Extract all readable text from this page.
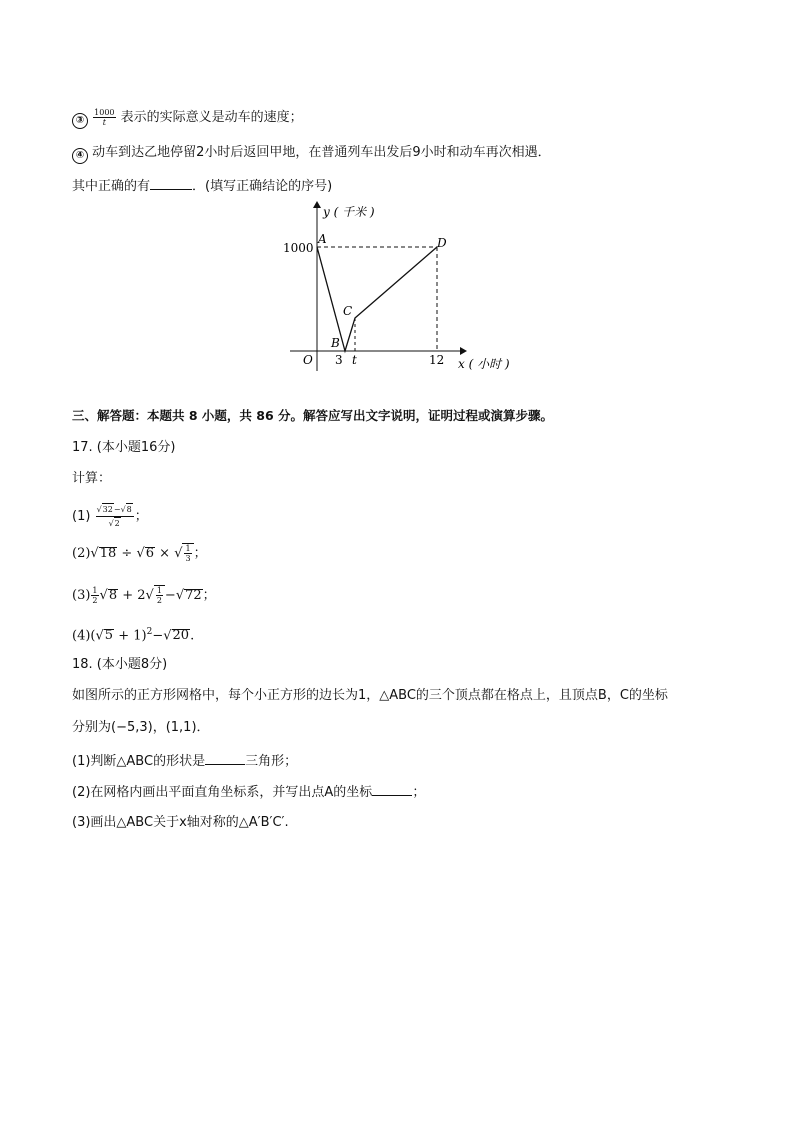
③ $\frac{1000}{t}$ 表示的实际意义是动车的速度；
④ 动车到达乙地停留2小时后返回甲地，在普通列车出发后9小时和动车再次相遇．
其中正确的有	．(填写正确结论的序号)
y ( 千米 )
x ( 小时 )
1000
O 3 t	12
A
B
C
D
三、解答题：本题共 8 小题，共 86 分。解答应写出文字说明，证明过程或演算步骤。
17. (本小题16分)
计算：
$(1) \frac{√32-√8}{√2}$ ；
(2)√18 ÷ √6 × √ $\frac{1}{3}$ ；
$(3) \frac{1}{2} √8 + 2√ \frac{1}{2} -√72$；
$(4)(√5 + 1)^2-√20$.
18. (本小题8分)
如图所示的正方形网格中，每个小正方形的边长为1，△ABC的三个顶点都在格点上，且顶点B，C的坐标
分别为(−5,3)，(1,1)．
(1)判断△ABC的形状是	三角形；
(2)在网格内画出平面直角坐标系，并写出点A的坐标	；
(3)画出△ABC关于x轴对称的△A′B′C′.
